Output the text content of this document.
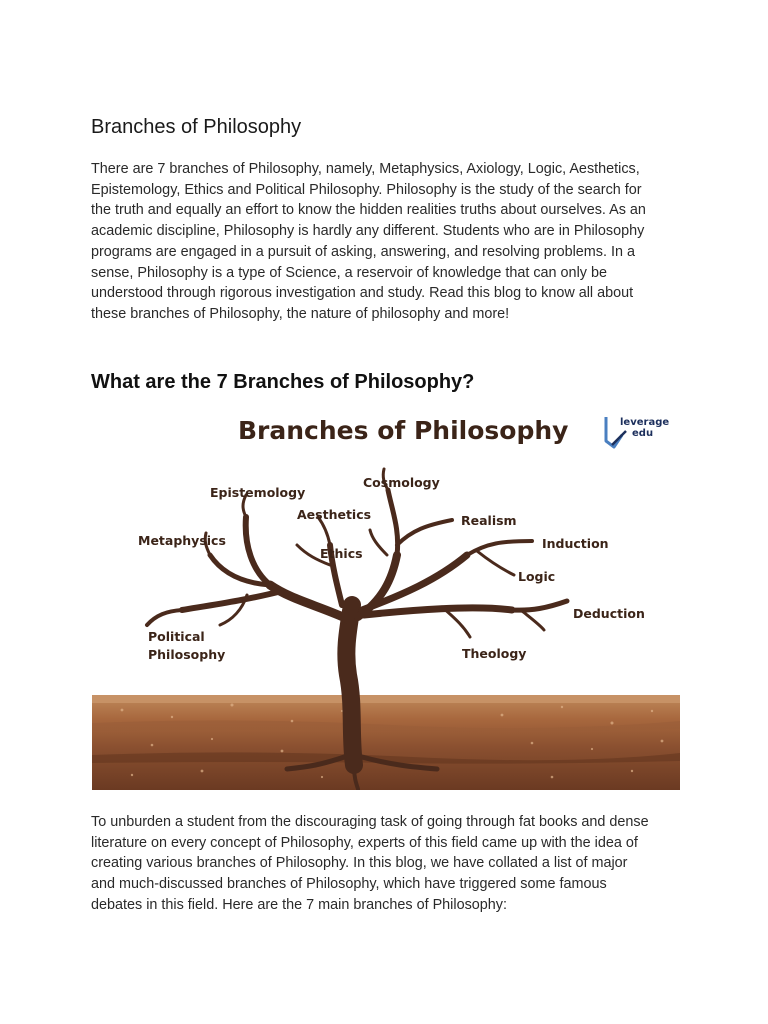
Branches of Philosophy

There are 7 branches of Philosophy, namely, Metaphysics, Axiology, Logic, Aesthetics,
Epistemology, Ethics and Political Philosophy. Philosophy is the study of the search for
the truth and equally an effort to know the hidden realities truths about ourselves. As an
academic discipline, Philosophy is hardly any different. Students who are in Philosophy
programs are engaged in a pursuit of asking, answering, and resolving problems. In a
sense, Philosophy is a type of Science, a reservoir of knowledge that can only be
understood through rigorous investigation and study. Read this blog to know all about
these branches of Philosophy, the nature of philosophy and more!

What are the 7 Branches of Philosophy?
Branches of Philosophy	leverage
edu
Epistemology
Cosmology
Aesthetics	Realism
Metaphysics
Ethics
Induction
Logic
Deduction
Political
Philosophy	Theology

To unburden a student from the discouraging task of going through fat books and dense
literature on every concept of Philosophy, experts of this field came up with the idea of
creating various branches of Philosophy. In this blog, we have collated a list of major
and much-discussed branches of Philosophy, which have triggered some famous
debates in this field. Here are the 7 main branches of Philosophy:
